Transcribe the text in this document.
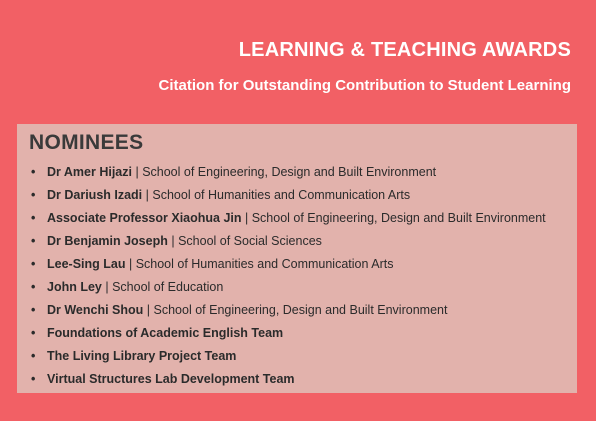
LEARNING & TEACHING AWARDS
Citation for Outstanding Contribution to Student Learning
NOMINEES
• Dr Amer Hijazi | School of Engineering, Design and Built Environment
• Dr Dariush Izadi | School of Humanities and Communication Arts
• Associate Professor Xiaohua Jin | School of Engineering, Design and Built Environment
• Dr Benjamin Joseph | School of Social Sciences
• Lee-Sing Lau | School of Humanities and Communication Arts
• John Ley | School of Education
• Dr Wenchi Shou | School of Engineering, Design and Built Environment
• Foundations of Academic English Team
• The Living Library Project Team
• Virtual Structures Lab Development Team
